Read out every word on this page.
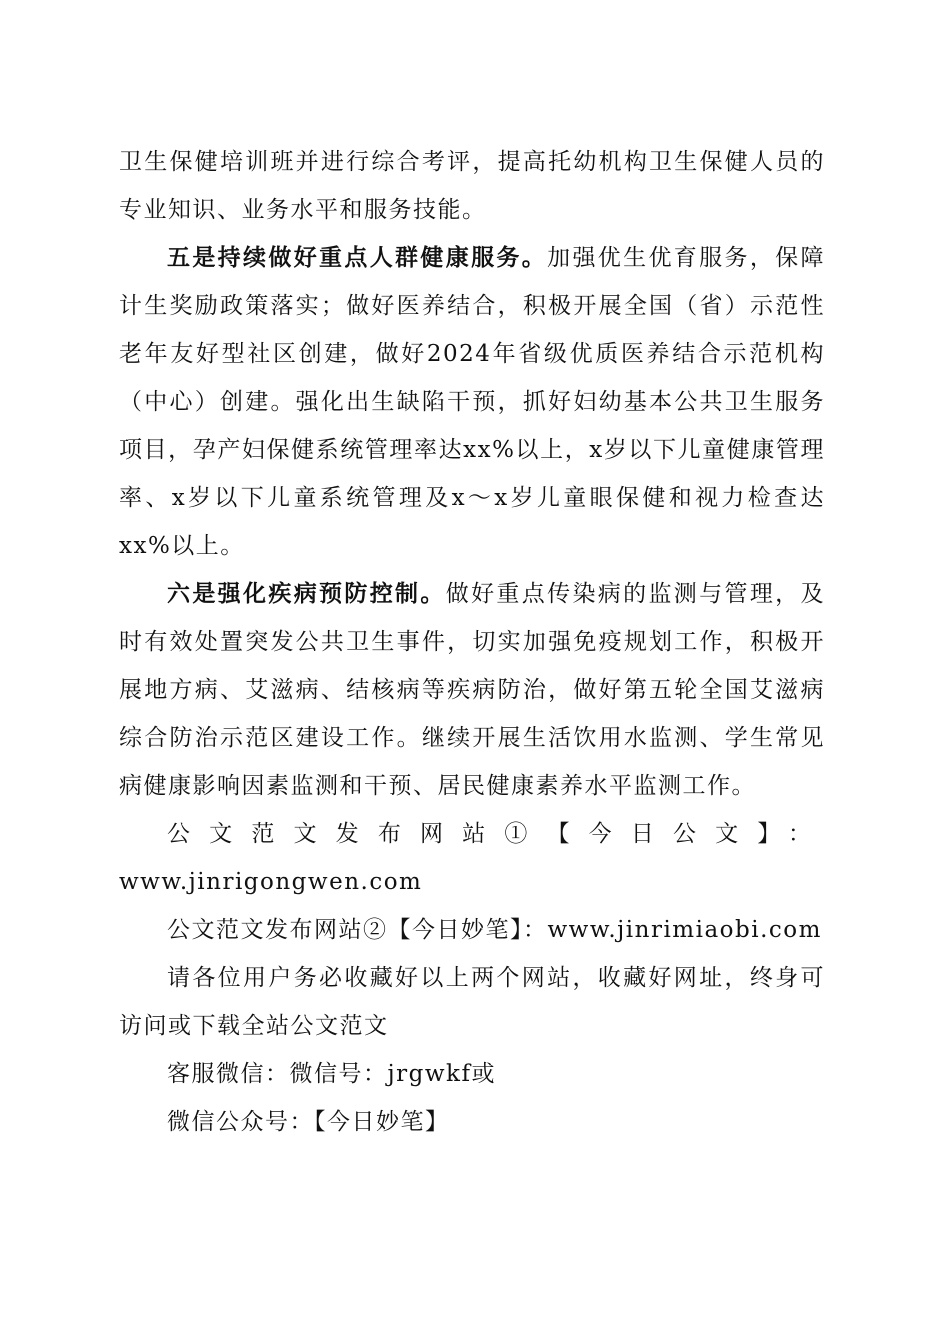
卫生保健培训班并进行综合考评，提高托幼机构卫生保健人员的专业知识、业务水平和服务技能。

五是持续做好重点人群健康服务。加强优生优育服务，保障计生奖励政策落实；做好医养结合，积极开展全国（省）示范性老年友好型社区创建，做好2024年省级优质医养结合示范机构（中心）创建。强化出生缺陷干预，抓好妇幼基本公共卫生服务项目，孕产妇保健系统管理率达xx%以上，x岁以下儿童健康管理率、x岁以下儿童系统管理及x～x岁儿童眼保健和视力检查达xx%以上。

六是强化疾病预防控制。做好重点传染病的监测与管理，及时有效处置突发公共卫生事件，切实加强免疫规划工作，积极开展地方病、艾滋病、结核病等疾病防治，做好第五轮全国艾滋病综合防治示范区建设工作。继续开展生活饮用水监测、学生常见病健康影响因素监测和干预、居民健康素养水平监测工作。

公文范文发布网站①【今日公文】：

www.jinrigongwen.com

公文范文发布网站②【今日妙笔】：www.jinrimiaobi.com

请各位用户务必收藏好以上两个网站，收藏好网址，终身可访问或下载全站公文范文

客服微信：微信号：jrgwkf或

微信公众号：【今日妙笔】
